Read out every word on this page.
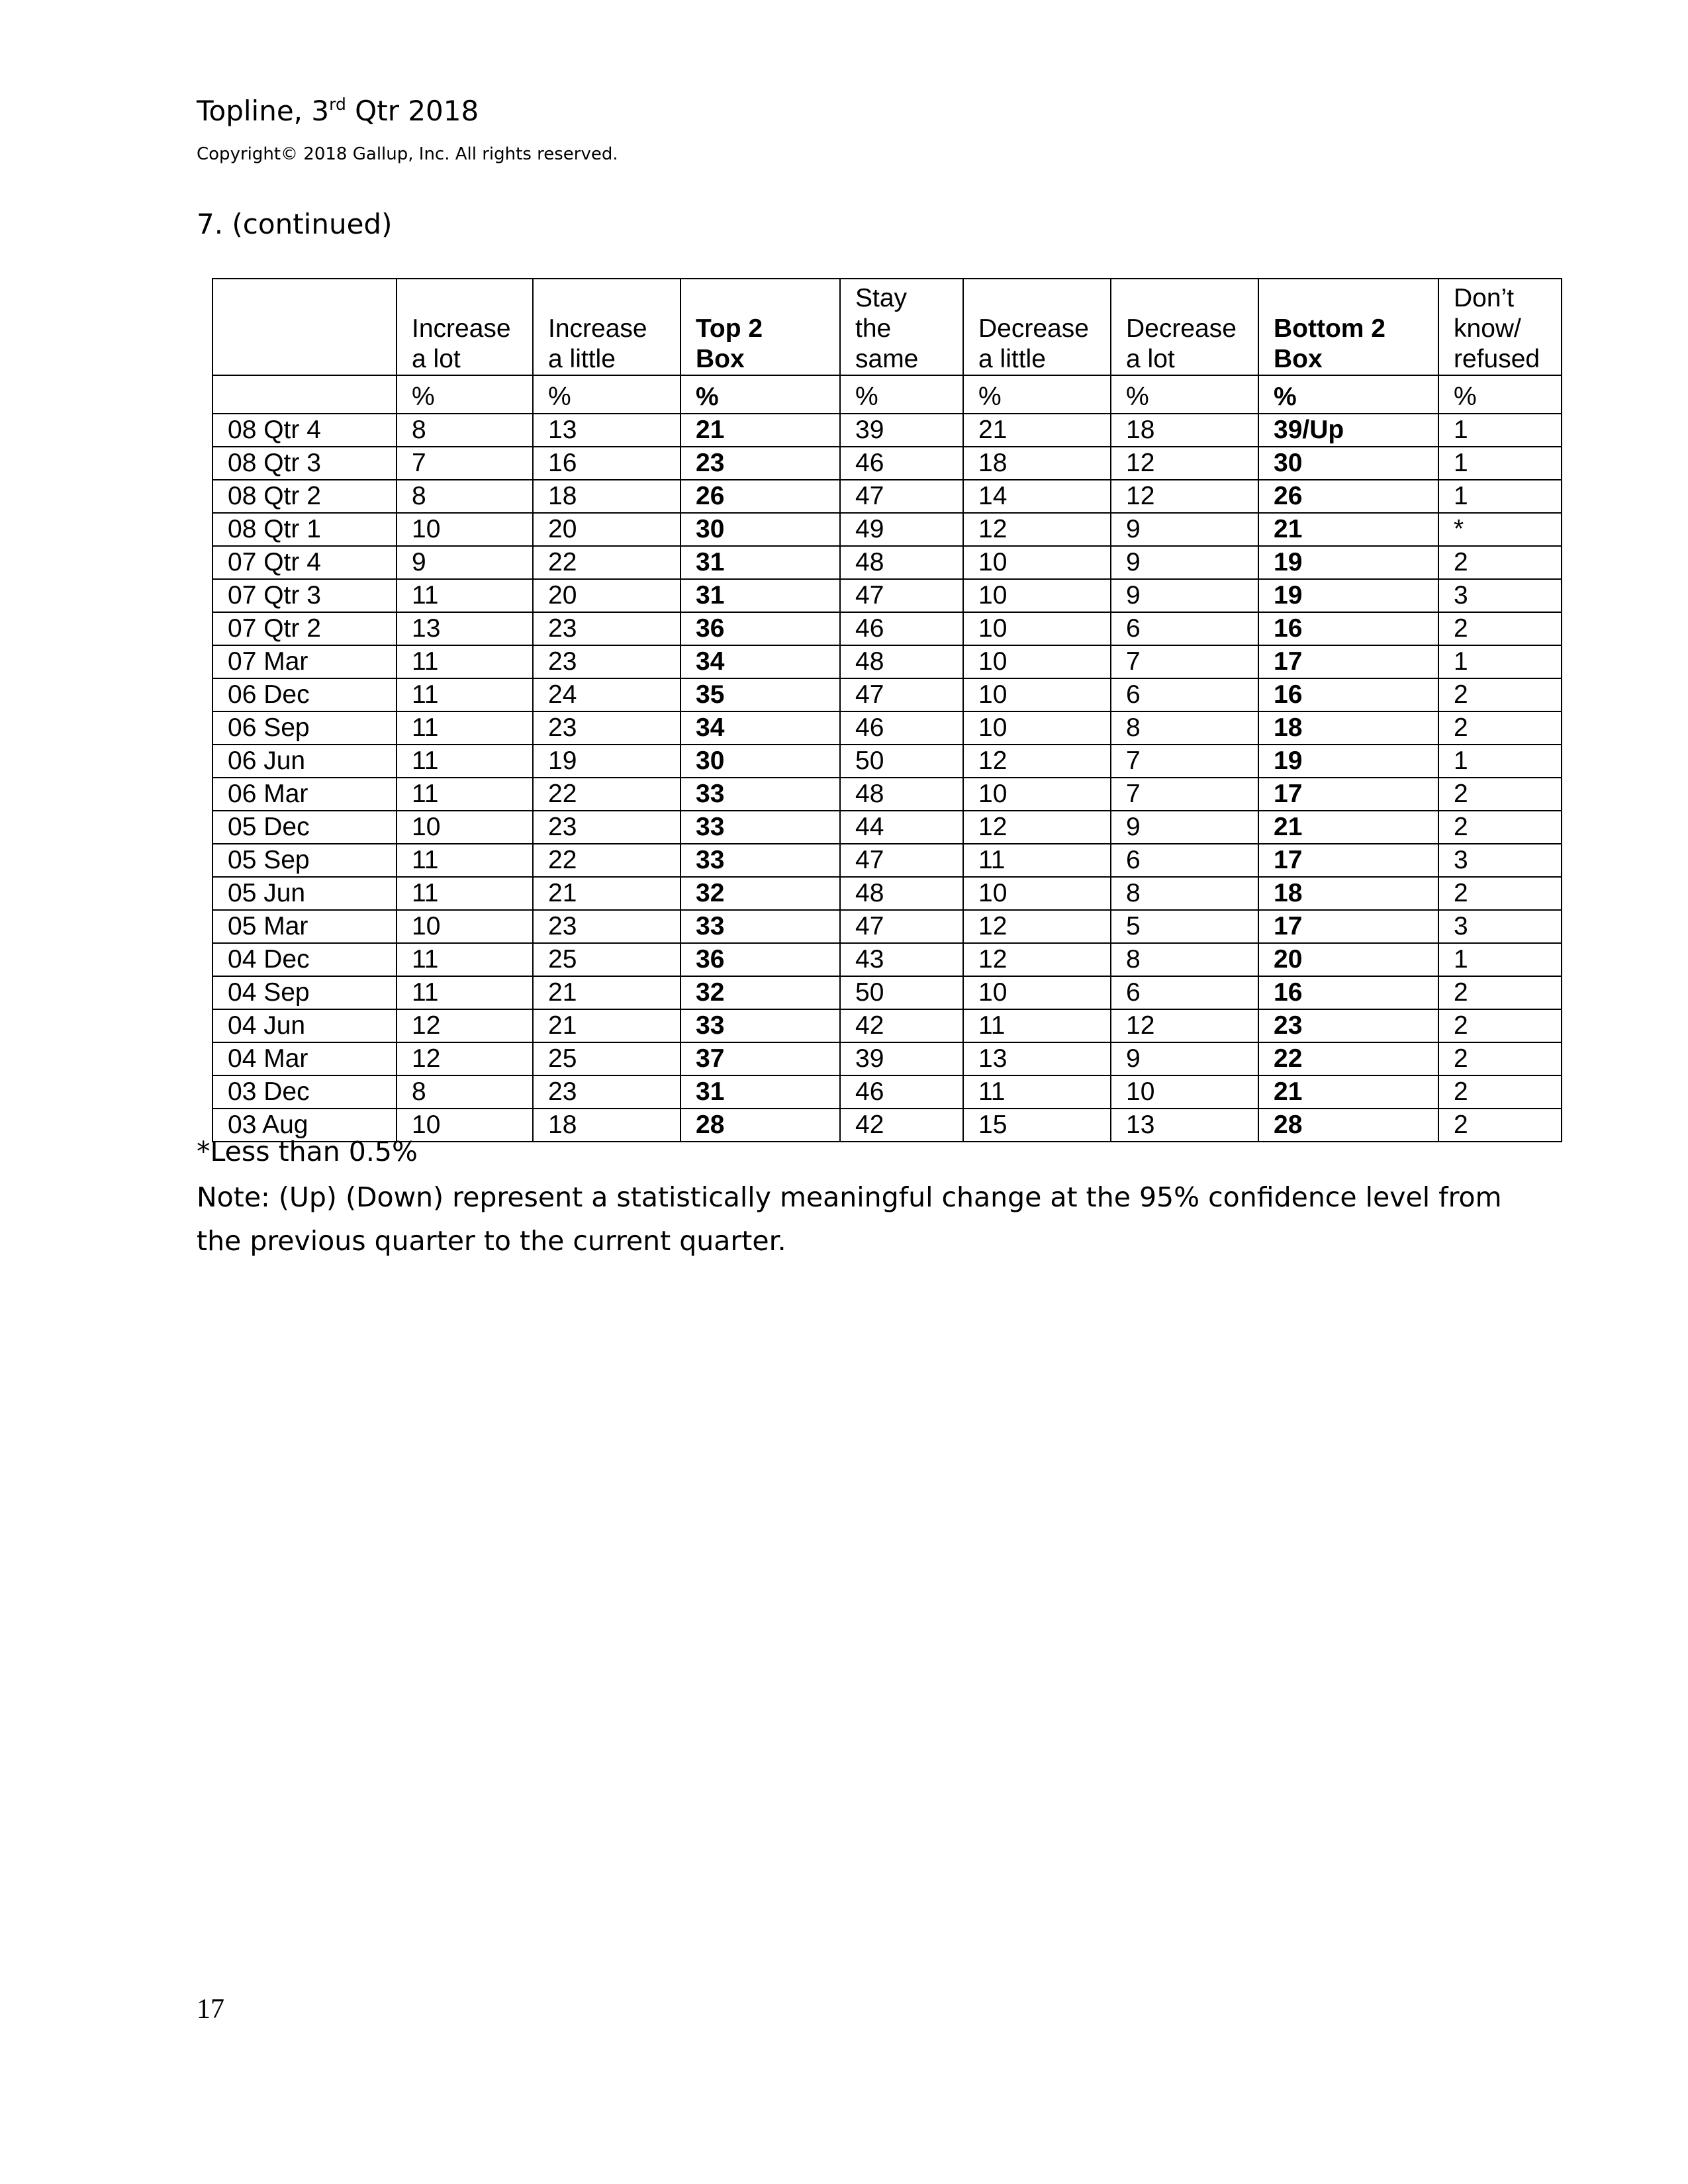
Topline, 3rd Qtr 2018
Copyright© 2018 Gallup, Inc. All rights reserved.
7. (continued)

	Increase
a lot	Increase
a little	Top 2
Box	Stay
the
same	Decrease
a little	Decrease
a lot	Bottom 2
Box	Don’t
know/
refused

	%	%	%	%	%	%	%	%
08 Qtr 4	8	13	21	39	21	18	39/Up	1
08 Qtr 3	7	16	23	46	18	12	30	1
08 Qtr 2	8	18	26	47	14	12	26	1
08 Qtr 1	10	20	30	49	12	9	21	*
07 Qtr 4	9	22	31	48	10	9	19	2
07 Qtr 3	11	20	31	47	10	9	19	3
07 Qtr 2	13	23	36	46	10	6	16	2
07 Mar	11	23	34	48	10	7	17	1
06 Dec	11	24	35	47	10	6	16	2
06 Sep	11	23	34	46	10	8	18	2
06 Jun	11	19	30	50	12	7	19	1
06 Mar	11	22	33	48	10	7	17	2
05 Dec	10	23	33	44	12	9	21	2
05 Sep	11	22	33	47	11	6	17	3
05 Jun	11	21	32	48	10	8	18	2
05 Mar	10	23	33	47	12	5	17	3
04 Dec	11	25	36	43	12	8	20	1
04 Sep	11	21	32	50	10	6	16	2
04 Jun	12	21	33	42	11	12	23	2
04 Mar	12	25	37	39	13	9	22	2
03 Dec	8	23	31	46	11	10	21	2
03 Aug	10	18	28	42	15	13	28	2
*Less than 0.5%
Note: (Up) (Down) represent a statistically meaningful change at the 95% confidence level from the previous quarter to the current quarter.
17
